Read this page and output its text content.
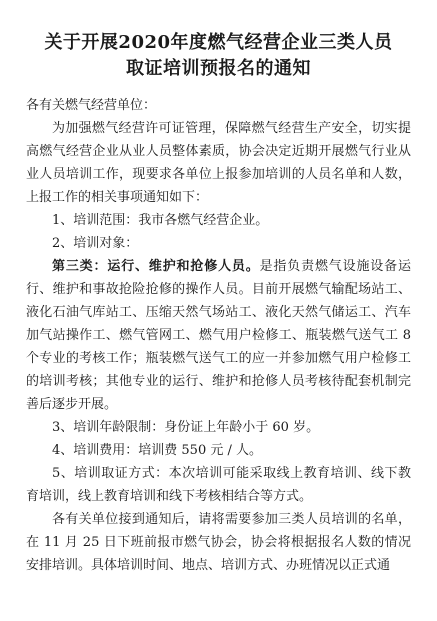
关于开展2020年度燃气经营企业三类人员
取证培训预报名的通知

各有关燃气经营单位：

为加强燃气经营许可证管理，保障燃气经营生产安全，切实提高燃气经营企业从业人员整体素质，协会决定近期开展燃气行业从业人员培训工作，现要求各单位上报参加培训的人员名单和人数，上报工作的相关事项通知如下：

1、培训范围：我市各燃气经营企业。

2、培训对象：

第三类：运行、维护和抢修人员。是指负责燃气设施设备运行、维护和事故抢险抢修的操作人员。目前开展燃气输配场站工、液化石油气库站工、压缩天然气场站工、液化天然气储运工、汽车加气站操作工、燃气管网工、燃气用户检修工、瓶装燃气送气工 8 个专业的考核工作；瓶装燃气送气工的应一并参加燃气用户检修工的培训考核；其他专业的运行、维护和抢修人员考核待配套机制完善后逐步开展。

3、培训年龄限制：身份证上年龄小于 60 岁。

4、培训费用：培训费 550 元 / 人。

5、培训取证方式：本次培训可能采取线上教育培训、线下教育培训，线上教育培训和线下考核相结合等方式。

各有关单位接到通知后，请将需要参加三类人员培训的名单，在 11 月 25 日下班前报市燃气协会，协会将根据报名人数的情况安排培训。具体培训时间、地点、培训方式、办班情况以正式通
